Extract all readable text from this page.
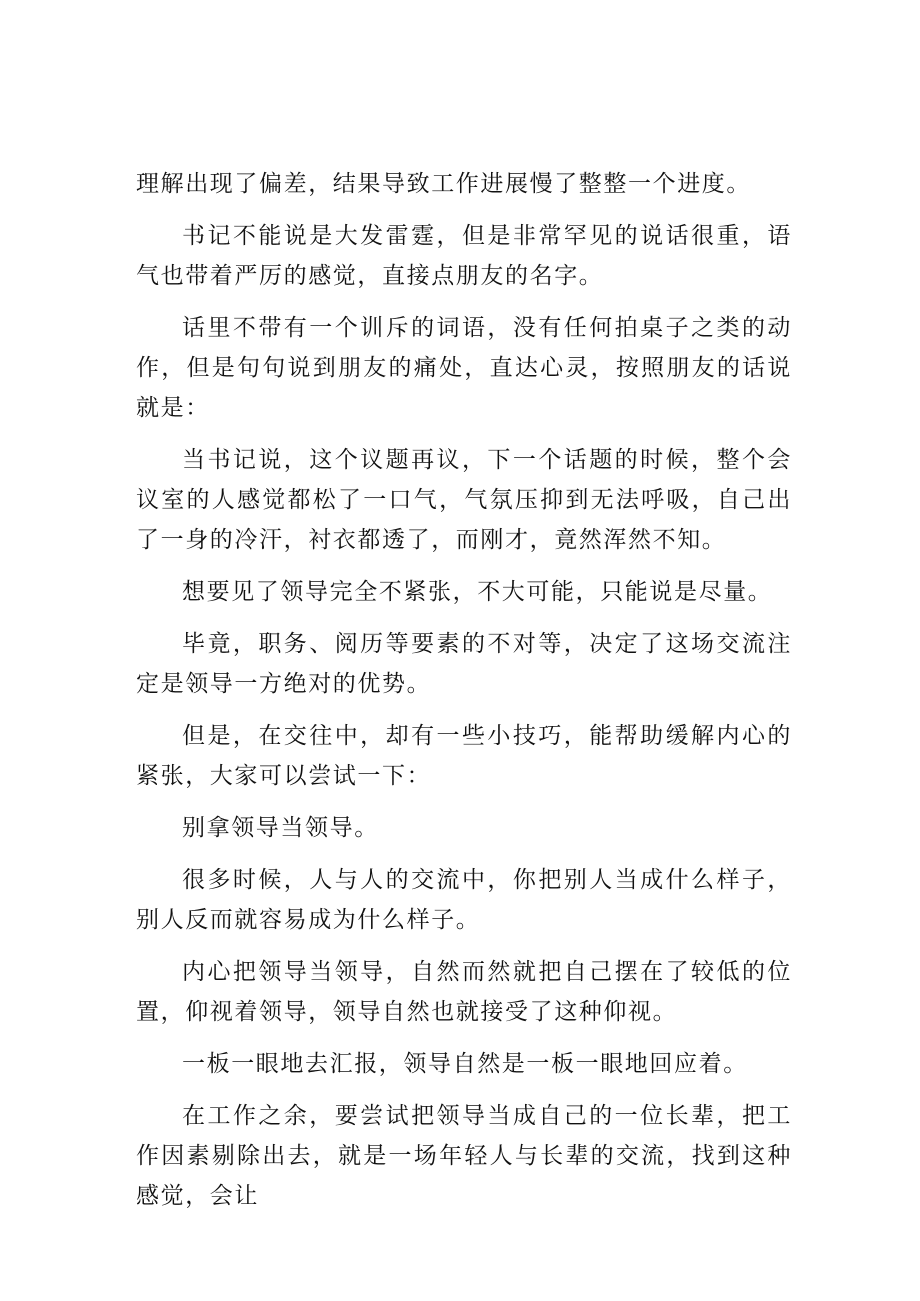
理解出现了偏差，结果导致工作进展慢了整整一个进度。

书记不能说是大发雷霆，但是非常罕见的说话很重，语气也带着严厉的感觉，直接点朋友的名字。

话里不带有一个训斥的词语，没有任何拍桌子之类的动作，但是句句说到朋友的痛处，直达心灵，按照朋友的话说就是：

当书记说，这个议题再议，下一个话题的时候，整个会议室的人感觉都松了一口气，气氛压抑到无法呼吸，自己出了一身的冷汗，衬衣都透了，而刚才，竟然浑然不知。

想要见了领导完全不紧张，不大可能，只能说是尽量。

毕竟，职务、阅历等要素的不对等，决定了这场交流注定是领导一方绝对的优势。

但是，在交往中，却有一些小技巧，能帮助缓解内心的紧张，大家可以尝试一下：

别拿领导当领导。

很多时候，人与人的交流中，你把别人当成什么样子，别人反而就容易成为什么样子。

内心把领导当领导，自然而然就把自己摆在了较低的位置，仰视着领导，领导自然也就接受了这种仰视。

一板一眼地去汇报，领导自然是一板一眼地回应着。

在工作之余，要尝试把领导当成自己的一位长辈，把工作因素剔除出去，就是一场年轻人与长辈的交流，找到这种感觉，会让
